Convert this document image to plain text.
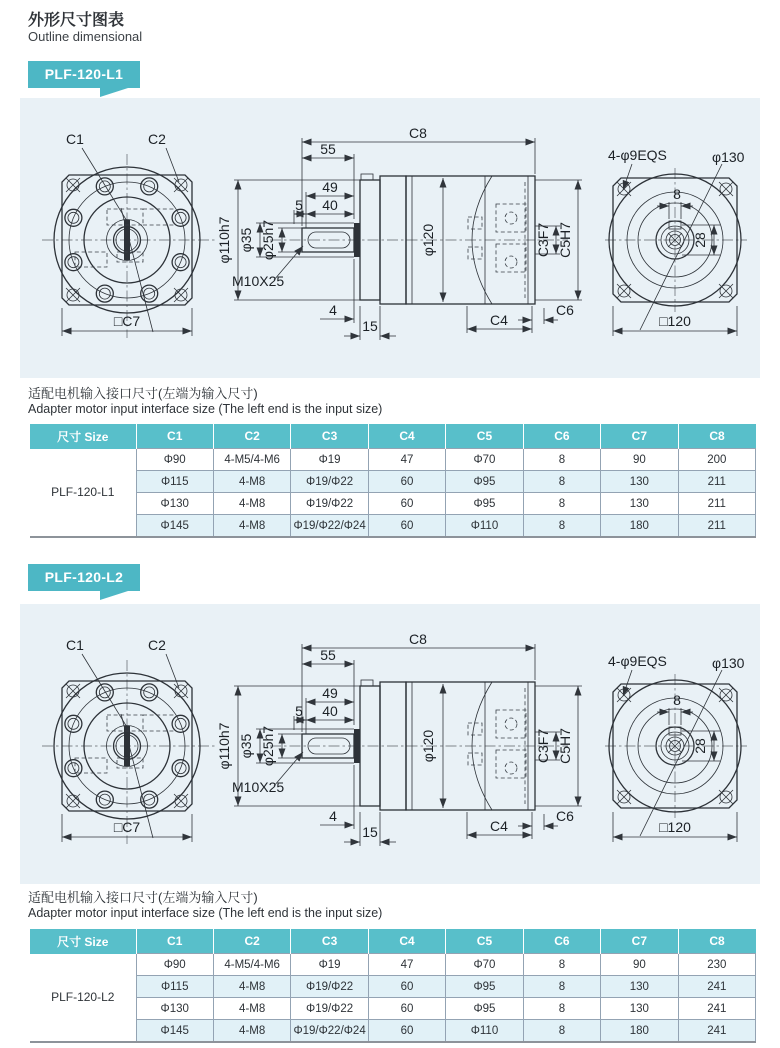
外形尺寸图表
Outline dimensional
PLF-120-L1
□C7
C1	C2
φ120
C8
55
49
5 40
φ110h7 φ35 φ25h7
M10X25
4
15	C4
C6
C3F7 C5H7
8
28
□120
4-φ9EQS	φ130
适配电机输入接口尺寸(左端为输入尺寸)
Adapter motor input interface size (The left end is the input size)
尺寸 Size	C1	C2	C3	C4	C5	C6	C7	C8
PLF-120-L1	Φ90	4-M5/4-M6	Φ19	47	Φ70	8	90	200
	Φ115	4-M8	Φ19/Φ22	60	Φ95	8	130	211
	Φ130	4-M8	Φ19/Φ22	60	Φ95	8	130	211
	Φ145	4-M8	Φ19/Φ22/Φ24	60	Φ110	8	180	211
PLF-120-L2
□C7
C1	C2
φ120
C8
55
49
5 40
φ110h7 φ35 φ25h7
M10X25
4
15	C4
C6
C3F7 C5H7
8
28
□120
4-φ9EQS	φ130
适配电机输入接口尺寸(左端为输入尺寸)
Adapter motor input interface size (The left end is the input size)
尺寸 Size	C1	C2	C3	C4	C5	C6	C7	C8
PLF-120-L2	Φ90	4-M5/4-M6	Φ19	47	Φ70	8	90	230
	Φ115	4-M8	Φ19/Φ22	60	Φ95	8	130	241
	Φ130	4-M8	Φ19/Φ22	60	Φ95	8	130	241
	Φ145	4-M8	Φ19/Φ22/Φ24	60	Φ110	8	180	241
